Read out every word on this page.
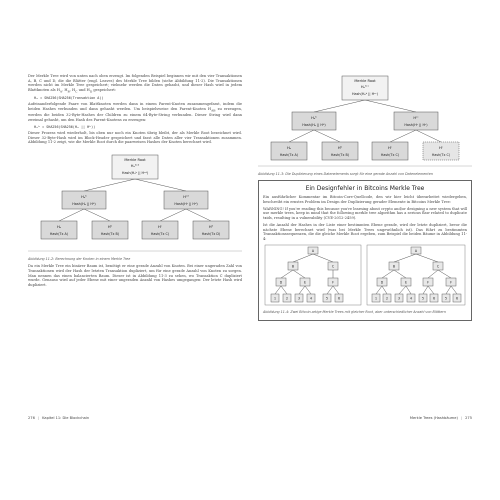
Der Merkle Tree wird von unten nach oben erzeugt. Im folgenden Beispiel beginnen wir mit den vier Transaktionen A, B, C und D, die die Blätter (engl. Leaves) des Merkle Tree bilden (siehe Abbildung 11-2). Die Transaktionen werden nicht im Merkle Tree gespeichert; vielmehr werden die Daten gehasht, und dieser Hash wird in jedem Blattknoten als $H_A$, $H_B$, $H_C$ und $H_D$ gespeichert:

Hₐ = SHA256(SHA256(Transaktion A))

Aufeinanderfolgende Paare von Blattknoten werden dann in einem Parent-Knoten zusammengefasst, indem die beiden Hashes verbunden und dann gehasht werden. Um beispielsweise den Parent-Knoten $H_{AB}$ zu erzeugen, werden die beiden 32-Byte-Hashes der Children zu einem 64-Byte-String verbunden. Dieser String wird dann zweimal gehasht, um den Hash des Parent-Knotens zu erzeugen:

Hₐᵇ = SHA256(SHA256(Hₐ || Hᵇ))

Dieser Prozess wird wiederholt, bis oben nur noch ein Knoten übrig bleibt, der als Merkle Root bezeichnet wird. Dieser 32-Byte-Hash wird im Block-Header gespeichert und fasst alle Daten aller vier Transaktionen zusammen. Abbildung 11-2 zeigt, wie die Merkle Root durch die paarweisen Hashes der Knoten berechnet wird.

Merkle Root
Hₐᵇᶜᵈ
Hash(Hₐᵇ || Hᶜᵈ)
Hₐᵇ
Hash(Hₐ || Hᵇ)
Hᶜᵈ
Hash(Hᶜ || Hᵈ)
Hₐ
Hash(Tx A)
Hᵇ
Hash(Tx B)
Hᶜ
Hash(Tx C)
Hᵈ
Hash(Tx D)
Abbildung 11-2: Berechnung der Knoten in einem Merkle Tree

Da ein Merkle Tree ein binärer Baum ist, benötigt er eine gerade Anzahl von Knoten. Bei einer ungeraden Zahl von Transaktionen wird der Hash der letzten Transaktion dupliziert, um für eine gerade Anzahl von Knoten zu sorgen. Man nennen das einen balancierten Baum. Dieser ist in Abbildung 11-3 zu sehen, wo Transaktion C dupliziert wurde. Genauso wird auf jeder Ebene mit einer ungeraden Anzahl von Hashes umgegangen: Der letzte Hash wird dupliziert.

276 | Kapitel 11: Die Blockchain
Merkle Root
Hₐᵇᶜᶜ
Hash(Hₐᵇ || Hᶜᶜ)
Hₐᵇ
Hash(Hₐ || Hᵇ)
Hᶜᶜ
Hash(Hᶜ || Hᶜ)
Hₐ
Hash(Tx A)
Hᵇ
Hash(Tx B)
Hᶜ
Hash(Tx C)
Hᶜ
Hash(Tx C)
Abbildung 11-3: Die Duplizierung eines Datenelements sorgt für eine gerade Anzahl von Datenelementen
Ein Designfehler in Bitcoins Merkle Tree

Ein ausführlicher Kommentar im Bitcoin-Core-Quellcode, den wir hier leicht überarbeitet wiedergeben, beschreibt ein ernstes Problem im Design der Duplizierung gerader Elemente in Bitcoins Merkle Tree:

WARNING! If you're reading this because you're learning about crypto and/or designing a new system that will use merkle trees, keep in mind that the following merkle tree algorithm has a serious flaw related to duplicate txids, resulting in a vulnerability (CVE-2012-2459).

Ist die Anzahl der Hashes in der Liste einer bestimmten Ebene gerade, wird der letzte dupliziert, bevor die nächste Ebene berechnet wird (was bei Merkle Trees ungewöhnlich ist). Das führt zu bestimmten Transaktionssequenzen, die die gleiche Merkle Root ergeben, zum Beispiel die beiden Bäume in Abbildung 11-4:

A
B	C
D	E	F
1	2	3	4	5	6
A
B	C
D	E	F	F
1	2	3	4	5	6	5	6
Abbildung 11-4: Zwei Bitcoin-artige Merkle Trees mit gleicher Root, aber unterschiedlicher Anzahl von Blättern
Merkle Trees (Hashbäume) | 275
